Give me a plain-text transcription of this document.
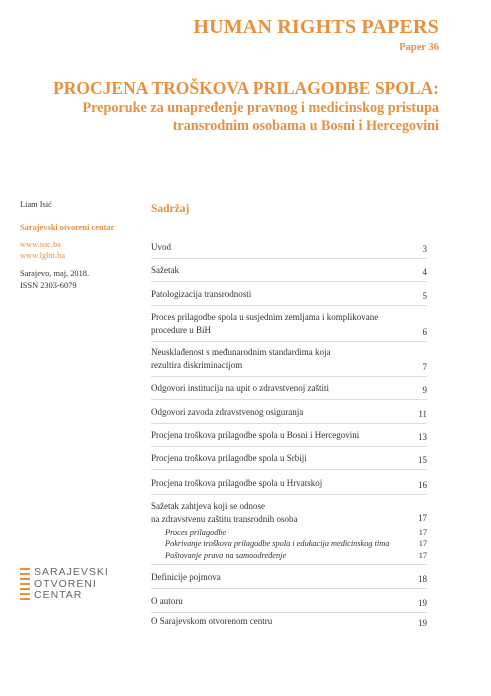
HUMAN RIGHTS PAPERS
Paper 36
PROCJENA TROŠKOVA PRILAGODBE SPOLA:
Preporuke za unapređenje pravnog i medicinskog pristupa
transrodnim osobama u Bosni i Hercegovini
Liam Isić
Sarajevski otvoreni centar
www.soc.ba
www.lgbti.ba
Sarajevo, maj, 2018.
ISSN 2303-6079
SARAJEVSKI
OTVORENI
CENTAR
Sadržaj
Uvod	3
Sažetak	4
Patologizacija transrodnosti	5
Proces prilagodbe spola u susjednim zemljama i komplikovane procedure u BiH	6
Neusklađenost s međunarodnim standardima koja rezultira diskriminacijom	7
Odgovori institucija na upit o zdravstvenoj zaštiti	9
Odgovori zavoda zdravstvenog osiguranja	11
Procjena troškova prilagodbe spola u Bosni i Hercegovini	13
Procjena troškova prilagodbe spola u Srbiji	15
Procjena troškova prilagodbe spola u Hrvatskoj	16
Sažetak zahtjeva koji se odnose
na zdravstvenu zaštitu transrodnih osoba	17
Proces prilagodbe	17
Pokrivanje troškova prilagodbe spola i edukacija medicinskog tima	17
Poštovanje prava na samoodređenje	17
Definicije pojmova	18
O autoru	19
O Sarajevskom otvorenom centru	19
